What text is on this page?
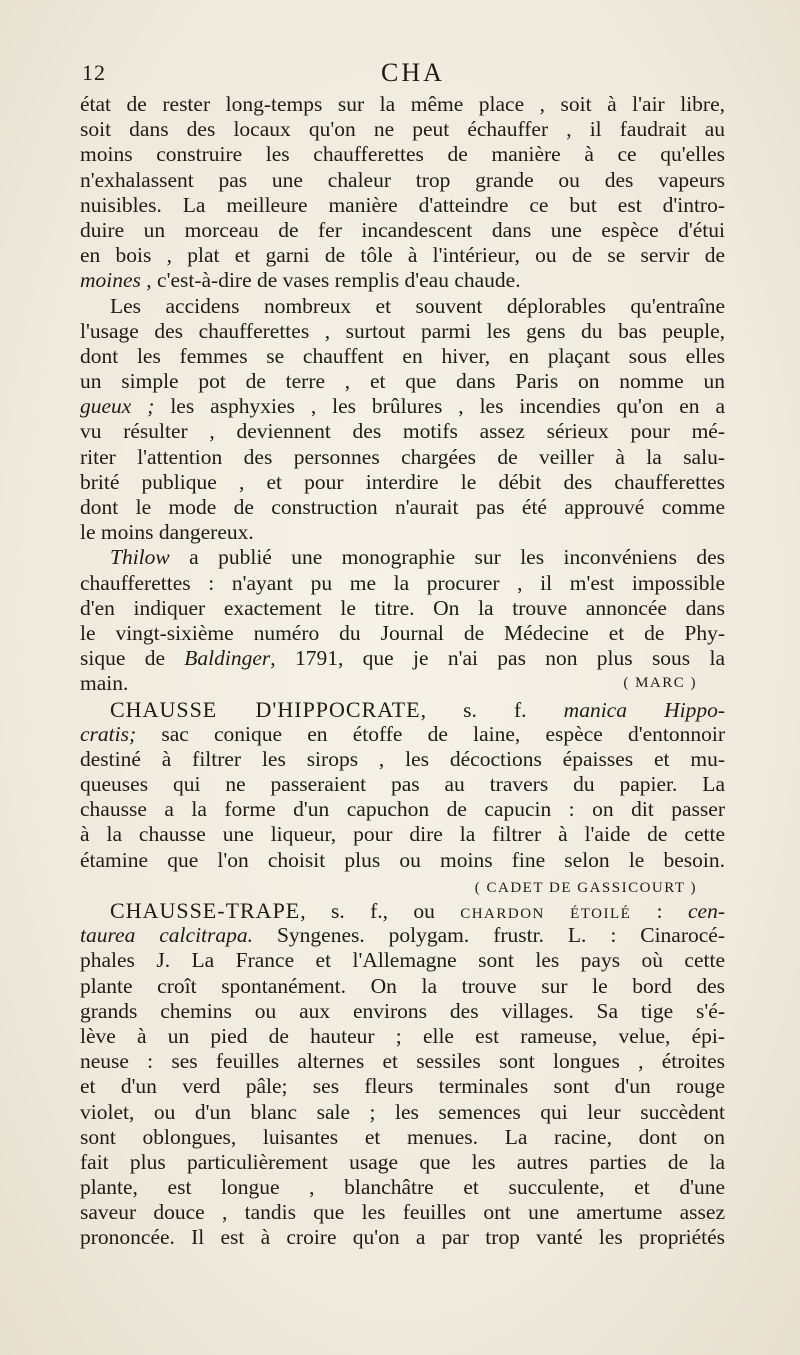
12	CHA
état de rester long-temps sur la même place , soit à l'air libre,
soit dans des locaux qu'on ne peut échauffer , il faudrait au
moins construire les chaufferettes de manière à ce qu'elles
n'exhalassent pas une chaleur trop grande ou des vapeurs
nuisibles. La meilleure manière d'atteindre ce but est d'intro-
duire un morceau de fer incandescent dans une espèce d'étui
en bois , plat et garni de tôle à l'intérieur, ou de se servir de
moines , c'est-à-dire de vases remplis d'eau chaude.
Les accidens nombreux et souvent déplorables qu'entraîne
l'usage des chaufferettes , surtout parmi les gens du bas peuple,
dont les femmes se chauffent en hiver, en plaçant sous elles
un simple pot de terre , et que dans Paris on nomme un
gueux ; les asphyxies , les brûlures , les incendies qu'on en a
vu résulter , deviennent des motifs assez sérieux pour mé-
riter l'attention des personnes chargées de veiller à la salu-
brité publique , et pour interdire le débit des chaufferettes
dont le mode de construction n'aurait pas été approuvé comme
le moins dangereux.
Thilow a publié une monographie sur les inconvéniens des
chaufferettes : n'ayant pu me la procurer , il m'est impossible
d'en indiquer exactement le titre. On la trouve annoncée dans
le vingt-sixième numéro du Journal de Médecine et de Phy-
sique de Baldinger, 1791, que je n'ai pas non plus sous la
main.	( MARC )
CHAUSSE D'HIPPOCRATE, s. f. manica Hippo-
cratis; sac conique en étoffe de laine, espèce d'entonnoir
destiné à filtrer les sirops , les décoctions épaisses et mu-
queuses qui ne passeraient pas au travers du papier. La
chausse a la forme d'un capuchon de capucin : on dit passer
à la chausse une liqueur, pour dire la filtrer à l'aide de cette
étamine que l'on choisit plus ou moins fine selon le besoin.
( CADET DE GASSICOURT )
CHAUSSE-TRAPE, s. f., ou CHARDON ÉTOILÉ : cen-
taurea calcitrapa. Syngenes. polygam. frustr. L. : Cinarocé-
phales J. La France et l'Allemagne sont les pays où cette
plante croît spontanément. On la trouve sur le bord des
grands chemins ou aux environs des villages. Sa tige s'é-
lève à un pied de hauteur ; elle est rameuse, velue, épi-
neuse : ses feuilles alternes et sessiles sont longues , étroites
et d'un verd pâle; ses fleurs terminales sont d'un rouge
violet, ou d'un blanc sale ; les semences qui leur succèdent
sont oblongues, luisantes et menues. La racine, dont on
fait plus particulièrement usage que les autres parties de la
plante, est longue , blanchâtre et succulente, et d'une
saveur douce , tandis que les feuilles ont une amertume assez
prononcée. Il est à croire qu'on a par trop vanté les propriétés
